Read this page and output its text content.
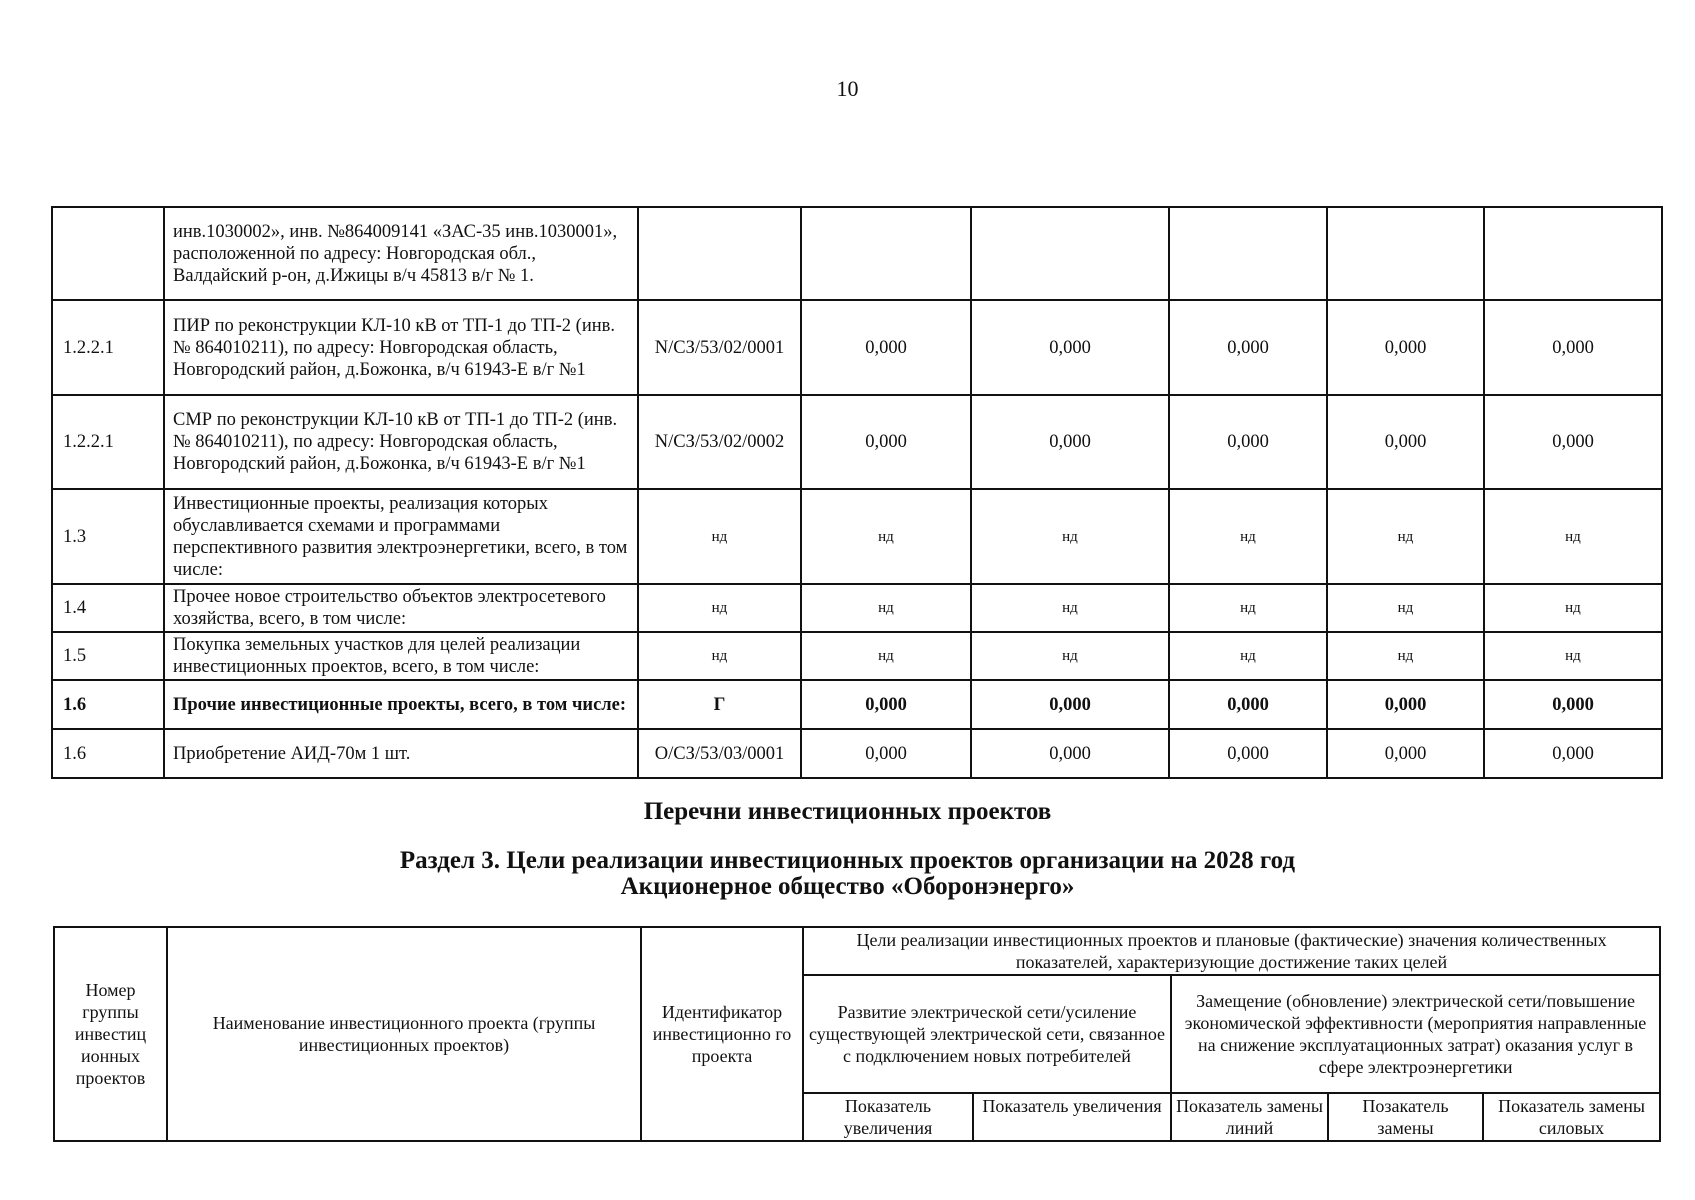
10
	инв.1030002», инв. №864009141 «ЗАС-35 инв.1030001», расположенной по адресу: Новгородская обл., Валдайский р-он, д.Ижицы в/ч 45813 в/г № 1.						
1.2.2.1	ПИР по реконструкции КЛ-10 кВ от ТП-1 до ТП-2 (инв. № 864010211), по адресу: Новгородская область, Новгородский район, д.Божонка, в/ч 61943-Е в/г №1	N/СЗ/53/02/0001	0,000	0,000	0,000	0,000	0,000
1.2.2.1	СМР по реконструкции КЛ-10 кВ от ТП-1 до ТП-2 (инв. № 864010211), по адресу: Новгородская область, Новгородский район, д.Божонка, в/ч 61943-Е в/г №1	N/СЗ/53/02/0002	0,000	0,000	0,000	0,000	0,000
1.3	Инвестиционные проекты, реализация которых обуславливается схемами и программами перспективного развития электроэнергетики, всего, в том числе:	нд	нд	нд	нд	нд	нд
1.4	Прочее новое строительство объектов электросетевого хозяйства, всего, в том числе:	нд	нд	нд	нд	нд	нд
1.5	Покупка земельных участков для целей реализации инвестиционных проектов, всего, в том числе:	нд	нд	нд	нд	нд	нд
1.6	Прочие инвестиционные проекты, всего, в том числе:	Г	0,000	0,000	0,000	0,000	0,000
1.6	Приобретение АИД-70м 1 шт.	О/СЗ/53/03/0001	0,000	0,000	0,000	0,000	0,000
Перечни инвестиционных проектов
Раздел 3. Цели реализации инвестиционных проектов организации на 2028 год
Акционерное общество «Оборонэнерго»
Номер группы инвестиц ионных проектов	Наименование инвестиционного проекта (группы инвестиционных проектов)	Идентификатор инвестиционно го проекта	Цели реализации инвестиционных проектов и плановые (фактические) значения количественных показателей, характеризующие достижение таких целей				
			Развитие электрической сети/усиление существующей электрической сети, связанное с подключением новых потребителей		Замещение (обновление) электрической сети/повышение экономической эффективности (мероприятия направленные на снижение эксплуатационных затрат) оказания услуг в сфере электроэнергетики		
			Показатель увеличения	Показатель увеличения	Показатель замены линий	Позакатель замены	Показатель замены силовых
